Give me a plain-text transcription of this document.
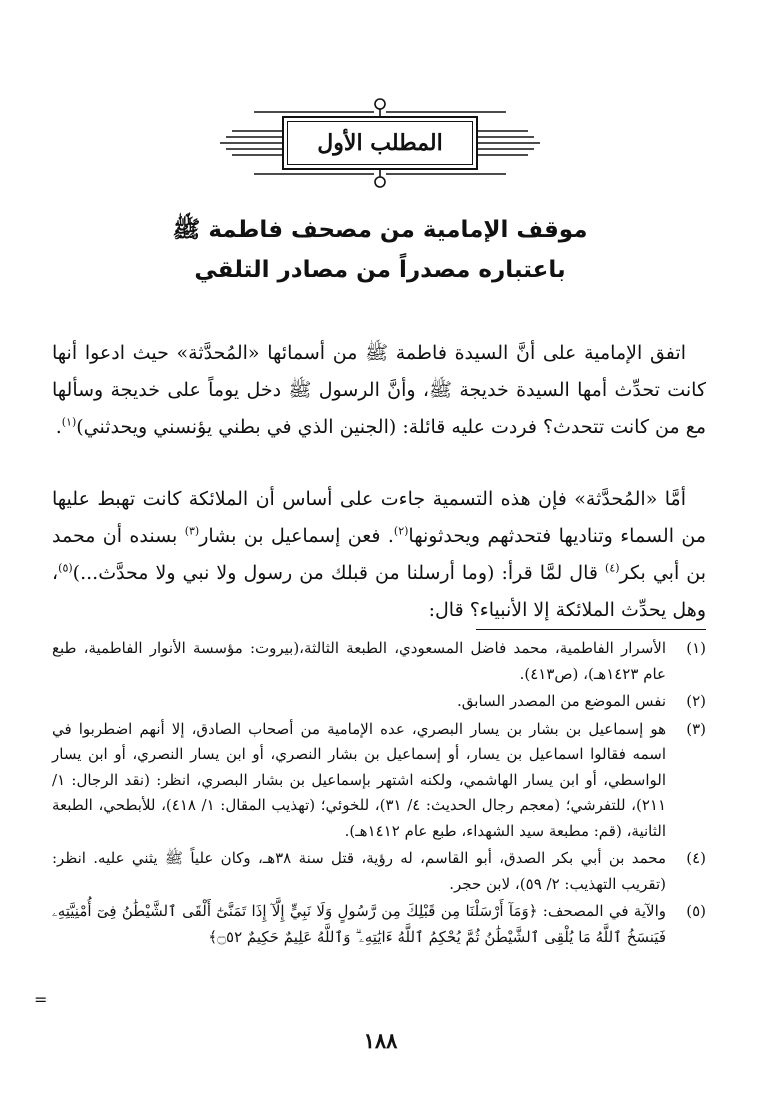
المطلب الأول
موقف الإمامية من مصحف فاطمة ﷺ
باعتباره مصدراً من مصادر التلقي
اتفق الإمامية على أنَّ السيدة فاطمة ﷺ من أسمائها «المُحدَّثة» حيث ادعوا أنها كانت تحدِّث أمها السيدة خديجة ﷺ، وأنَّ الرسول ﷺ دخل يوماً على خديجة وسألها مع من كانت تتحدث؟ فردت عليه قائلة: (الجنين الذي في بطني يؤنسني ويحدثني)$^{(١)}$.
أمَّا «المُحدَّثة» فإن هذه التسمية جاءت على أساس أن الملائكة كانت تهبط عليها من السماء وتناديها فتحدثهم ويحدثونها$^{(٢)}$. فعن إسماعيل بن بشار$^{(٣)}$ بسنده أن محمد بن أبي بكر$^{(٤)}$ قال لمَّا قرأ: (وما أرسلنا من قبلك من رسول ولا نبي ولا محدَّث...)$^{(٥)}$، وهل يحدِّث الملائكة إلا الأنبياء؟ قال:
(١)
الأسرار الفاطمية، محمد فاضل المسعودي، الطبعة الثالثة،(بيروت: مؤسسة الأنوار الفاطمية، طبع عام ١٤٢٣هـ)، (ص٤١٣).
(٢)
نفس الموضع من المصدر السابق.
(٣)
هو إسماعيل بن بشار بن يسار البصري، عده الإمامية من أصحاب الصادق، إلا أنهم اضطربوا في اسمه فقالوا اسماعيل بن يسار، أو إسماعيل بن بشار النصري، أو ابن يسار النصري، أو ابن يسار الواسطي، أو ابن يسار الهاشمي، ولكنه اشتهر بإسماعيل بن بشار البصري، انظر: (نقد الرجال: ١/ ٢١١)، للتفرشي؛ (معجم رجال الحديث: ٤/ ٣١)، للخوئي؛ (تهذيب المقال: ١/ ٤١٨)، للأبطحي، الطبعة الثانية، (قم: مطبعة سيد الشهداء، طبع عام ١٤١٢هـ).
(٤)
محمد بن أبي بكر الصدق، أبو القاسم، له رؤية، قتل سنة ٣٨هـ، وكان علياً ﷺ يثني عليه. انظر: (تقريب التهذيب: ٢/ ٥٩)، لابن حجر.
(٥)
والآية في المصحف: ﴿وَمَآ أَرْسَلْنَا مِن قَبْلِكَ مِن رَّسُولٍ وَلَا نَبِيٍّ إِلَّآ إِذَا تَمَنَّىٰٓ أَلْقَى ٱلشَّيْطَٰنُ فِىٓ أُمْنِيَّتِهِۦ فَيَنسَخُ ٱللَّهُ مَا يُلْقِى ٱلشَّيْطَٰنُ ثُمَّ يُحْكِمُ ٱللَّهُ ءَايَٰتِهِۦ ۗ وَٱللَّهُ عَلِيمٌ حَكِيمٌ ۝٥٢﴾
=
١٨٨
